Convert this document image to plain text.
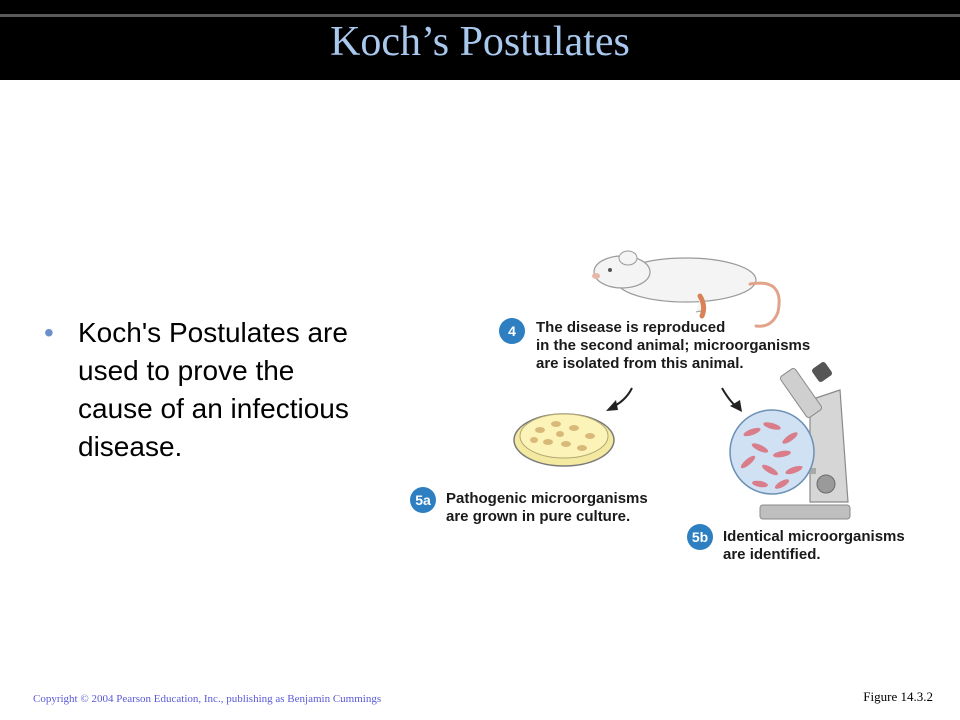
Koch’s Postulates
• Koch's Postulates are used to prove the cause of an infectious disease.
4	The disease is reproduced
in the second animal; microorganisms
are isolated from this animal.
5a	Pathogenic microorganisms
are grown in pure culture.
5b Identical microorganisms
are identified.
Copyright © 2004 Pearson Education, Inc., publishing as Benjamin Cummings	Figure 14.3.2
